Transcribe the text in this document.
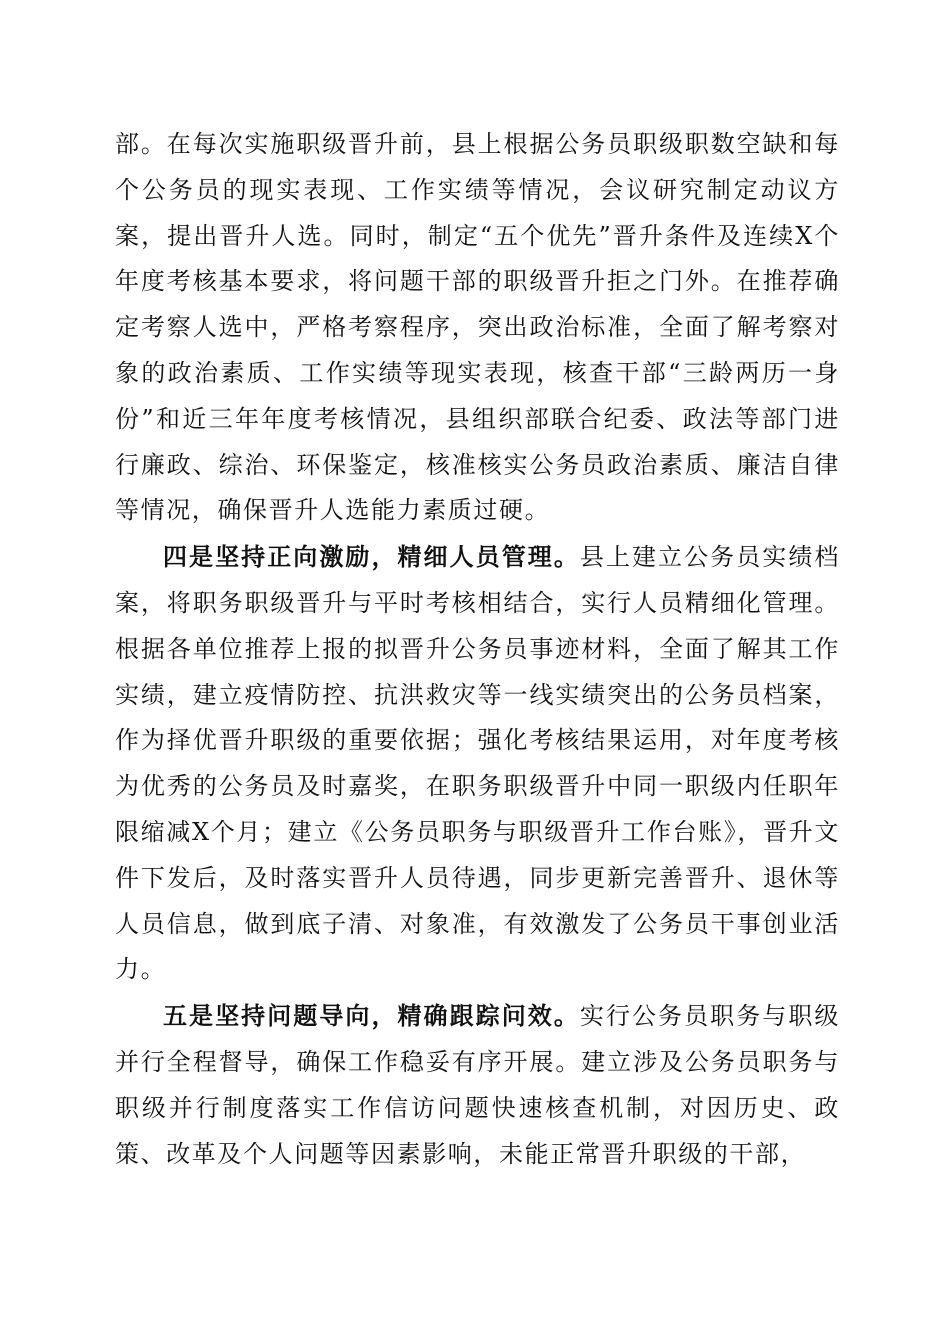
部。在每次实施职级晋升前，县上根据公务员职级职数空缺和每个公务员的现实表现、工作实绩等情况，会议研究制定动议方案，提出晋升人选。同时，制定“五个优先”晋升条件及连续X个年度考核基本要求，将问题干部的职级晋升拒之门外。在推荐确定考察人选中，严格考察程序，突出政治标准，全面了解考察对象的政治素质、工作实绩等现实表现，核查干部“三龄两历一身份”和近三年年度考核情况，县组织部联合纪委、政法等部门进行廉政、综治、环保鉴定，核准核实公务员政治素质、廉洁自律等情况，确保晋升人选能力素质过硬。

四是坚持正向激励，精细人员管理。县上建立公务员实绩档案，将职务职级晋升与平时考核相结合，实行人员精细化管理。根据各单位推荐上报的拟晋升公务员事迹材料，全面了解其工作实绩，建立疫情防控、抗洪救灾等一线实绩突出的公务员档案，作为择优晋升职级的重要依据；强化考核结果运用，对年度考核为优秀的公务员及时嘉奖，在职务职级晋升中同一职级内任职年限缩减X个月；建立《公务员职务与职级晋升工作台账》，晋升文件下发后，及时落实晋升人员待遇，同步更新完善晋升、退休等人员信息，做到底子清、对象准，有效激发了公务员干事创业活力。

五是坚持问题导向，精确跟踪问效。实行公务员职务与职级并行全程督导，确保工作稳妥有序开展。建立涉及公务员职务与职级并行制度落实工作信访问题快速核查机制，对因历史、政策、改革及个人问题等因素影响，未能正常晋升职级的干部，
